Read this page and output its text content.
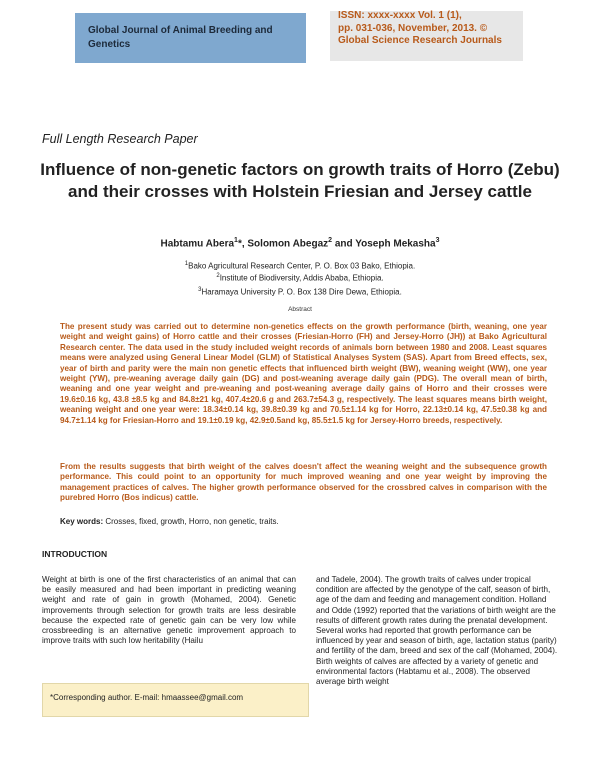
Global Journal of Animal Breeding and Genetics
ISSN: xxxx-xxxx Vol. 1 (1),
pp. 031-036, November, 2013. ©
Global Science Research Journals
Full Length Research Paper
Influence of non-genetic factors on growth traits of Horro (Zebu) and their crosses with Holstein Friesian and Jersey cattle
Habtamu Abera$^1$*, Solomon Abegaz$^2$ and Yoseph Mekasha$^3$
$^1$Bako Agricultural Research Center, P. O. Box 03 Bako, Ethiopia.
$^2$Institute of Biodiversity, Addis Ababa, Ethiopia.
$^3$Haramaya University P. O. Box 138 Dire Dewa, Ethiopia.
Abstract

The present study was carried out to determine non-genetics effects on the growth performance (birth, weaning, one year weight and weight gains) of Horro cattle and their crosses (Friesian-Horro (FH) and Jersey-Horro (JH)) at Bako Agricultural Research center. The data used in the study included weight records of animals born between 1980 and 2008. Least squares means were analyzed using General Linear Model (GLM) of Statistical Analyses System (SAS). Apart from Breed effects, sex, year of birth and parity were the main non genetic effects that influenced birth weight (BW), weaning weight (WW), one year weight (YW), pre-weaning average daily gain (DG) and post-weaning average daily gain (PDG). The overall mean of birth, weaning and one year weight and pre-weaning and post-weaning average daily gains of Horro and their crosses were 19.6±0.16 kg, 43.8 ±8.5 kg and 84.8±21 kg, 407.4±20.6 g and 263.7±54.3 g, respectively. The least squares means birth weight, weaning weight and one year were: 18.34±0.14 kg, 39.8±0.39 kg and 70.5±1.14 kg for Horro, 22.13±0.14 kg, 47.5±0.38 kg and 94.7±1.14 kg for Friesian-Horro and 19.1±0.19 kg, 42.9±0.5and kg, 85.5±1.5 kg for Jersey-Horro breeds, respectively.

From the results suggests that birth weight of the calves doesn't affect the weaning weight and the subsequence growth performance. This could point to an opportunity for much improved weaning and one year weight by improving the management practices of calves. The higher growth performance observed for the crossbred calves in comparison with the purebred Horro (Bos indicus) cattle.

Key words: Crosses, fixed, growth, Horro, non genetic, traits.
INTRODUCTION

Weight at birth is one of the first characteristics of an animal that can be easily measured and had been important in predicting weaning weight and rate of gain in growth (Mohamed, 2004). Genetic improvements through selection for growth traits are less desirable because the expected rate of genetic gain can be very low while crossbreeding is an alternative genetic improvement approach to improve traits with such low heritability (Hailu

and Tadele, 2004). The growth traits of calves under tropical condition are affected by the genotype of the calf, season of birth, age of the dam and feeding and management condition. Holland and Odde (1992) reported that the variations of birth weight are the results of different growth rates during the prenatal development. Several works had reported that growth performance can be influenced by year and season of birth, age, lactation status (parity) and fertility of the dam, breed and sex of the calf (Mohamed, 2004). Birth weights of calves are affected by a variety of genetic and environmental factors (Habtamu et al., 2008). The observed average birth weight

*Corresponding author. E-mail: hmaassee@gmail.com
